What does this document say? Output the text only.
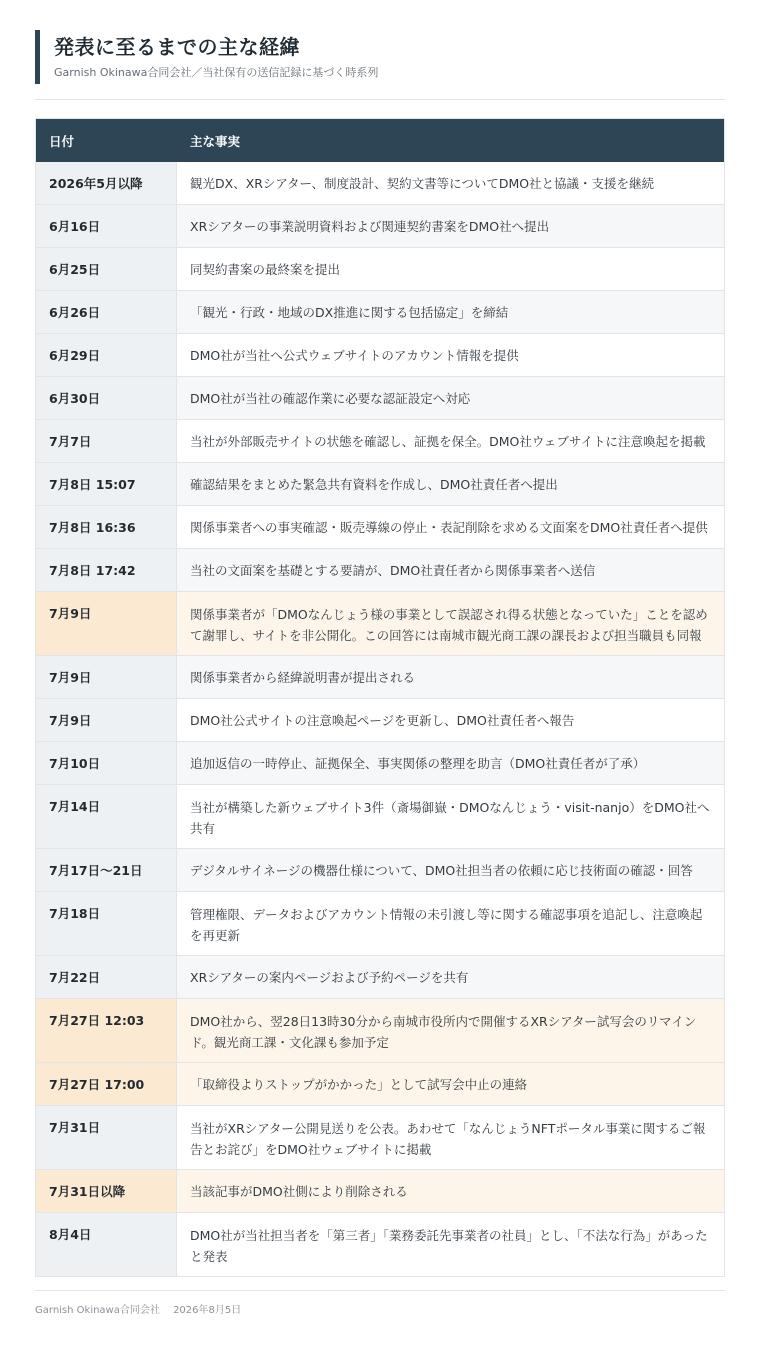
発表に至るまでの主な経緯
Garnish Okinawa合同会社／当社保有の送信記録に基づく時系列
日付	主な事実
2026年5月以降	観光DX、XRシアター、制度設計、契約文書等についてDMO社と協議・支援を継続
6月16日	XRシアターの事業説明資料および関連契約書案をDMO社へ提出
6月25日	同契約書案の最終案を提出
6月26日	「観光・行政・地域のDX推進に関する包括協定」を締結
6月29日	DMO社が当社へ公式ウェブサイトのアカウント情報を提供
6月30日	DMO社が当社の確認作業に必要な認証設定へ対応
7月7日	当社が外部販売サイトの状態を確認し、証拠を保全。DMO社ウェブサイトに注意喚起を掲載
7月8日 15:07	確認結果をまとめた緊急共有資料を作成し、DMO社責任者へ提出
7月8日 16:36	関係事業者への事実確認・販売導線の停止・表記削除を求める文面案をDMO社責任者へ提供
7月8日 17:42	当社の文面案を基礎とする要請が、DMO社責任者から関係事業者へ送信
7月9日	関係事業者が「DMOなんじょう様の事業として誤認され得る状態となっていた」ことを認めて謝罪し、サイトを非公開化。この回答には南城市観光商工課の課長および担当職員も同報
7月9日	関係事業者から経緯説明書が提出される
7月9日	DMO社公式サイトの注意喚起ページを更新し、DMO社責任者へ報告
7月10日	追加返信の一時停止、証拠保全、事実関係の整理を助言（DMO社責任者が了承）
7月14日	当社が構築した新ウェブサイト3件（斎場御嶽・DMOなんじょう・visit-nanjo）をDMO社へ共有
7月17日〜21日	デジタルサイネージの機器仕様について、DMO社担当者の依頼に応じ技術面の確認・回答
7月18日	管理権限、データおよびアカウント情報の未引渡し等に関する確認事項を追記し、注意喚起を再更新
7月22日	XRシアターの案内ページおよび予約ページを共有
7月27日 12:03	DMO社から、翌28日13時30分から南城市役所内で開催するXRシアター試写会のリマインド。観光商工課・文化課も参加予定
7月27日 17:00	「取締役よりストップがかかった」として試写会中止の連絡
7月31日	当社がXRシアター公開見送りを公表。あわせて「なんじょうNFTポータル事業に関するご報告とお詫び」をDMO社ウェブサイトに掲載
7月31日以降	当該記事がDMO社側により削除される
8月4日	DMO社が当社担当者を「第三者」「業務委託先事業者の社員」とし、「不法な行為」があったと発表
Garnish Okinawa合同会社 2026年8月5日
